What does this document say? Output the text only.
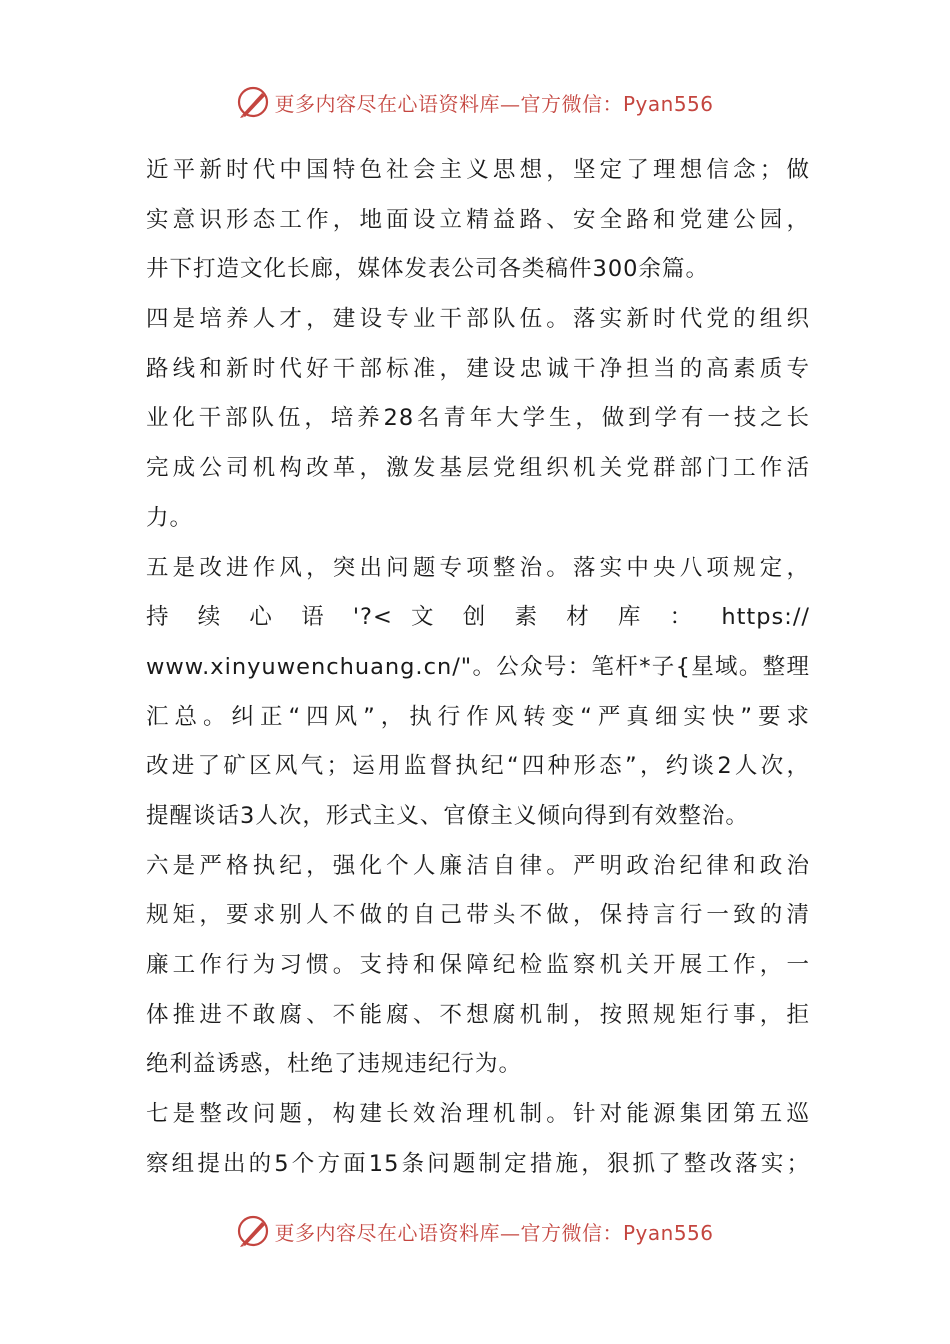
更多内容尽在心语资料库—官方微信：Pyan556
近平新时代中国特色社会主义思想，坚定了理想信念；做
实意识形态工作，地面设立精益路、安全路和党建公园，
井下打造文化长廊，媒体发表公司各类稿件300余篇。
四是培养人才，建设专业干部队伍。落实新时代党的组织
路线和新时代好干部标准，建设忠诚干净担当的高素质专
业化干部队伍，培养28名青年大学生，做到学有一技之长
完成公司机构改革，激发基层党组织机关党群部门工作活
力。
五是改进作风，突出问题专项整治。落实中央八项规定，
持 续 心 语 '?< 文 创 素 材 库 ： https://
www.xinyuwenchuang.cn/"。公众号：笔杆*子{星域。整理
汇总。纠正“四风”，执行作风转变“严真细实快”要求
改进了矿区风气；运用监督执纪“四种形态”，约谈2人次，
提醒谈话3人次，形式主义、官僚主义倾向得到有效整治。
六是严格执纪，强化个人廉洁自律。严明政治纪律和政治
规矩，要求别人不做的自己带头不做，保持言行一致的清
廉工作行为习惯。支持和保障纪检监察机关开展工作，一
体推进不敢腐、不能腐、不想腐机制，按照规矩行事，拒
绝利益诱惑，杜绝了违规违纪行为。
七是整改问题，构建长效治理机制。针对能源集团第五巡
察组提出的5个方面15条问题制定措施，狠抓了整改落实；
更多内容尽在心语资料库—官方微信：Pyan556
